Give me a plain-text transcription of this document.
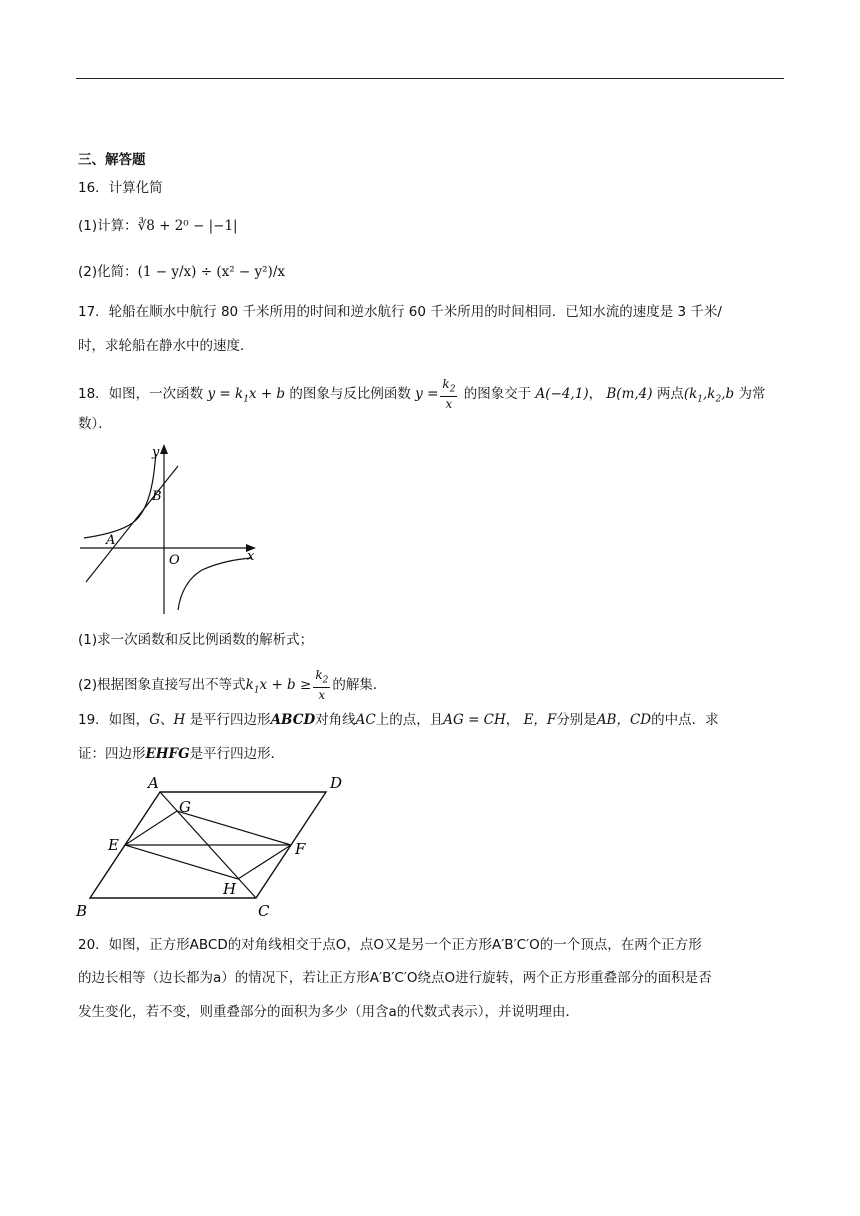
三、解答题
16．计算化简
(1)计算：∛8 + 2⁰ − |−1|
(2)化简：(1 − y/x) ÷ (x² − y²)/x
17．轮船在顺水中航行 80 千米所用的时间和逆水航行 60 千米所用的时间相同．已知水流的速度是 3 千米/
时，求轮船在静水中的速度．
18．如图，一次函数 $y = k_1x + b$ 的图象与反比例函数 $y = \frac{k_2}{x}$ 的图象交于 A(−4,1)， B(m,4) 两点($k_1,k_2,b$ 为常
数）．
y
x
O
A
B
(1)求一次函数和反比例函数的解析式；
(2)根据图象直接写出不等式$k_1x + b \ge \frac{k_2}{x}$ 的解集．
19．如图，G、H 是平行四边形ABCD对角线AC上的点，且AG = CH， E，F分别是AB，CD的中点．求
证：四边形EHFG是平行四边形．
A	D
B	C
E	F
G
H
20．如图，正方形ABCD的对角线相交于点O，点O又是另一个正方形A′B′C′O的一个顶点，在两个正方形
的边长相等（边长都为a）的情况下，若让正方形A′B′C′O绕点O进行旋转，两个正方形重叠部分的面积是否
发生变化，若不变，则重叠部分的面积为多少（用含a的代数式表示），并说明理由．
